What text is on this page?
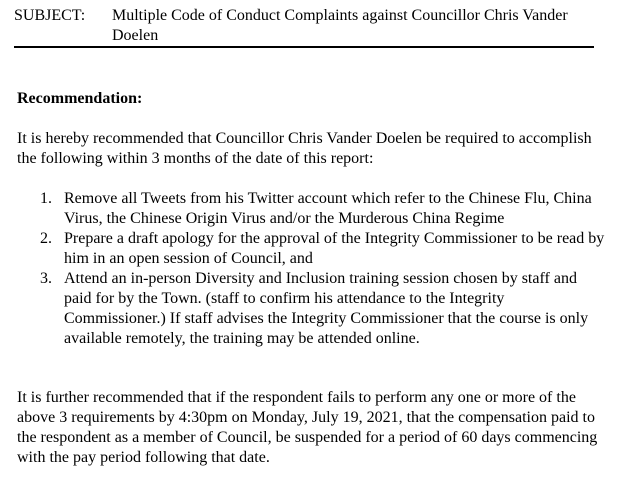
SUBJECT:	Multiple Code of Conduct Complaints against Councillor Chris Vander Doelen
Recommendation:

It is hereby recommended that Councillor Chris Vander Doelen be required to accomplish the following within 3 months of the date of this report:

1. Remove all Tweets from his Twitter account which refer to the Chinese Flu, China Virus, the Chinese Origin Virus and/or the Murderous China Regime
2. Prepare a draft apology for the approval of the Integrity Commissioner to be read by him in an open session of Council, and
3. Attend an in-person Diversity and Inclusion training session chosen by staff and paid for by the Town. (staff to confirm his attendance to the Integrity Commissioner.) If staff advises the Integrity Commissioner that the course is only available remotely, the training may be attended online.

It is further recommended that if the respondent fails to perform any one or more of the above 3 requirements by 4:30pm on Monday, July 19, 2021, that the compensation paid to the respondent as a member of Council, be suspended for a period of 60 days commencing with the pay period following that date.
